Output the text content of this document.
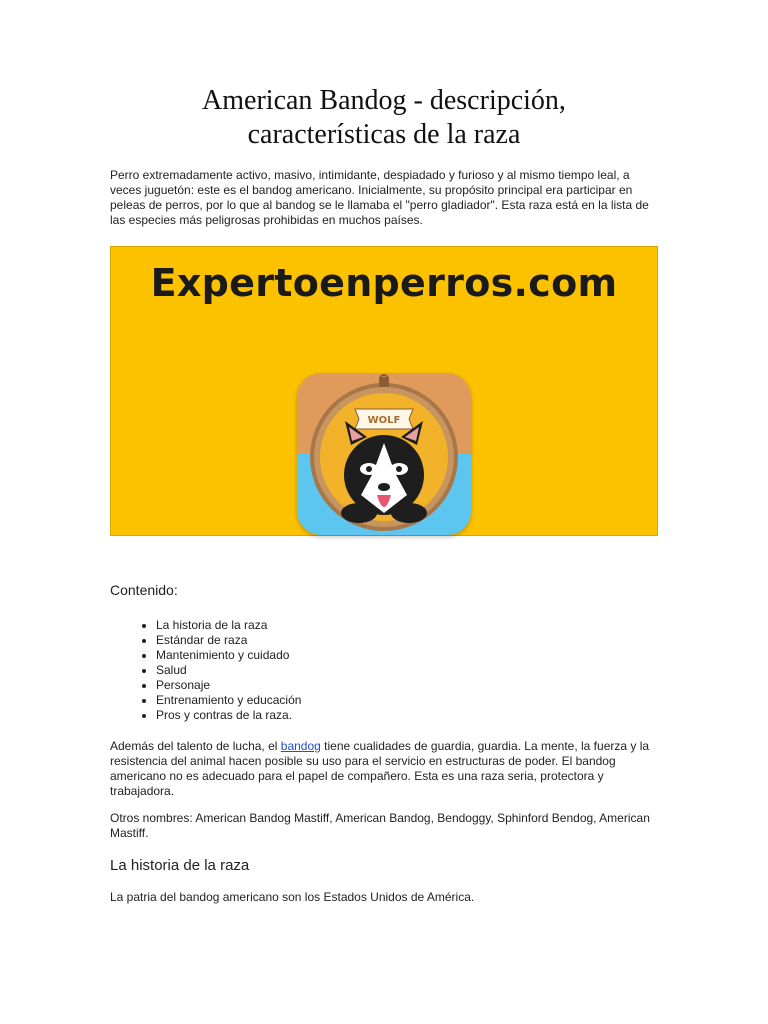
American Bandog - descripción,
características de la raza

Perro extremadamente activo, masivo, intimidante, despiadado y furioso y al mismo tiempo leal, a veces juguetón: este es el bandog americano. Inicialmente, su propósito principal era participar en peleas de perros, por lo que al bandog se le llamaba el "perro gladiador". Esta raza está en la lista de las especies más peligrosas prohibidas en muchos países.

Expertoenperros.com
WOLF
Contenido:
• La historia de la raza
• Estándar de raza
• Mantenimiento y cuidado
• Salud
• Personaje
• Entrenamiento y educación
• Pros y contras de la raza.

Además del talento de lucha, el bandog tiene cualidades de guardia, guardia. La mente, la fuerza y la resistencia del animal hacen posible su uso para el servicio en estructuras de poder. El bandog americano no es adecuado para el papel de compañero. Esta es una raza seria, protectora y trabajadora.

Otros nombres: American Bandog Mastiff, American Bandog, Bendoggy, Sphinford Bendog, American Mastiff.

La historia de la raza

La patria del bandog americano son los Estados Unidos de América.
